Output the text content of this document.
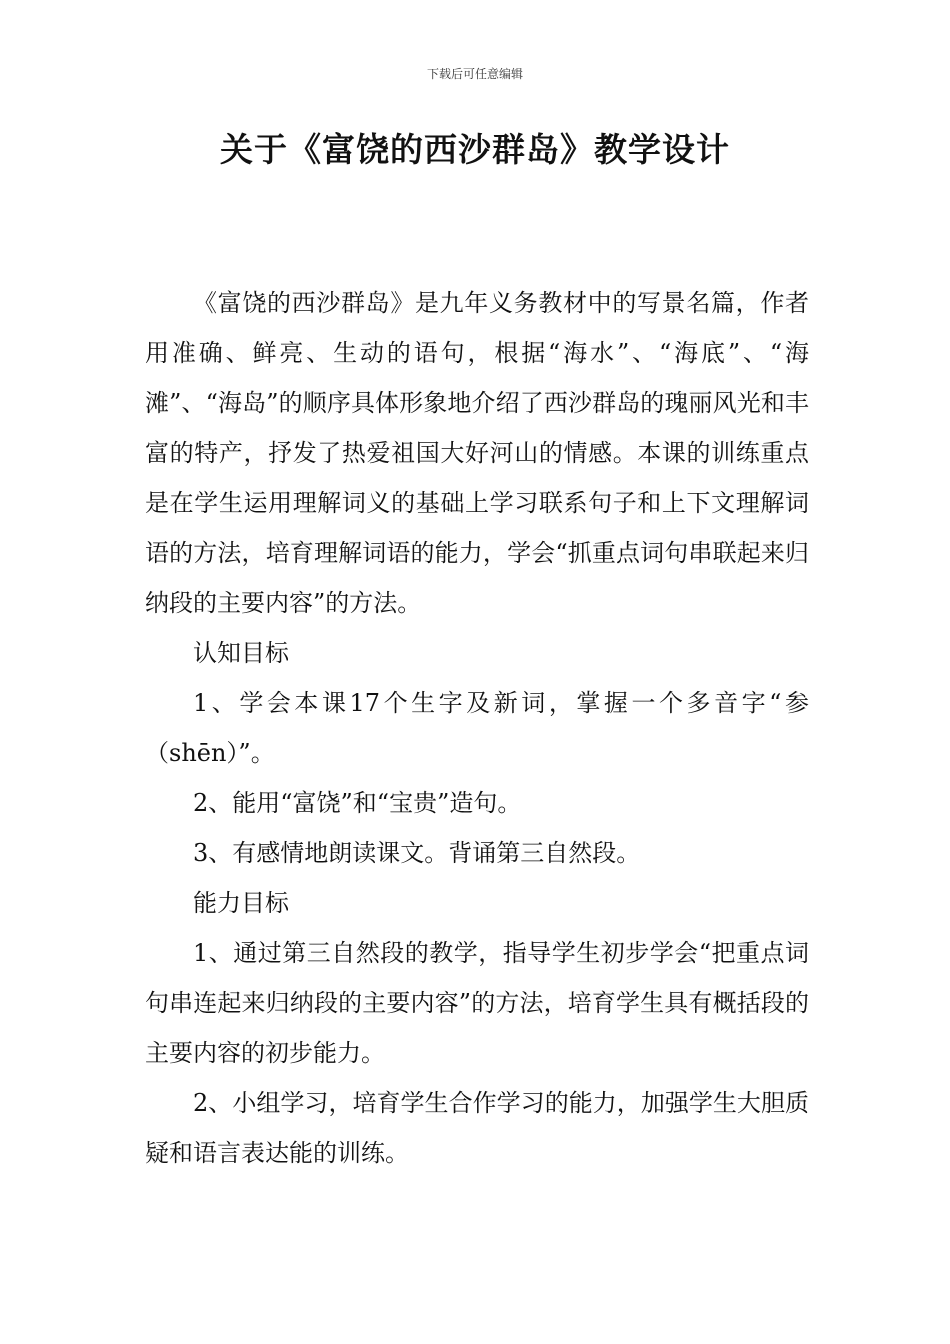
下载后可任意编辑
关于《富饶的西沙群岛》教学设计

《富饶的西沙群岛》是九年义务教材中的写景名篇，作者用准确、鲜亮、生动的语句，根据“海水”、“海底”、“海滩”、“海岛”的顺序具体形象地介绍了西沙群岛的瑰丽风光和丰富的特产，抒发了热爱祖国大好河山的情感。本课的训练重点是在学生运用理解词义的基础上学习联系句子和上下文理解词语的方法，培育理解词语的能力，学会“抓重点词句串联起来归纳段的主要内容”的方法。

认知目标

1、学会本课17个生字及新词，掌握一个多音字“参（shēn）”。

2、能用“富饶”和“宝贵”造句。

3、有感情地朗读课文。背诵第三自然段。

能力目标

1、通过第三自然段的教学，指导学生初步学会“把重点词句串连起来归纳段的主要内容”的方法，培育学生具有概括段的主要内容的初步能力。

2、小组学习，培育学生合作学习的能力，加强学生大胆质疑和语言表达能的训练。
